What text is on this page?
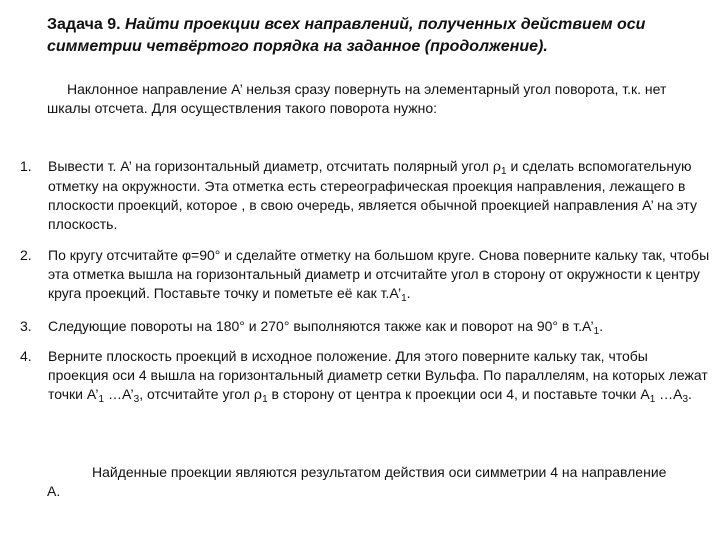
Задача 9. Найти проекции всех направлений, полученных действием оси симметрии четвёртого порядка на заданное (продолжение).

Наклонное направление А’ нельзя сразу повернуть на элементарный угол поворота, т.к. нет шкалы отсчета. Для осуществления такого поворота нужно:

1.	Вывести т. А’ на горизонтальный диаметр, отсчитать полярный угол $\rho_1$ и сделать вспомогательную отметку на окружности. Эта отметка есть стереографическая проекция направления, лежащего в плоскости проекций, которое , в свою очередь, является обычной проекцией направления А’ на эту плоскость.
2.	По кругу отсчитайте φ=90° и сделайте отметку на большом круге. Снова поверните кальку так, чтобы эта отметка вышла на горизонтальный диаметр и отсчитайте угол в сторону от окружности к центру круга проекций. Поставьте точку и пометьте её как $т.А’_1$.
3.	Следующие повороты на 180° и 270° выполняются также как и поворот на 90° в $т.А’_1$.
4.	Верните плоскость проекций в исходное положение. Для этого поверните кальку так, чтобы проекция оси 4 вышла на горизонтальный диаметр сетки Вульфа. По параллелям, на которых лежат точки $А’_1$ $\dots А’_3$, отсчитайте угол $\rho_1$ в сторону от центра к проекции оси 4, и поставьте точки $А_1$ $\dots А_3$.

Найденные проекции являются результатом действия оси симметрии 4 на направление А.
